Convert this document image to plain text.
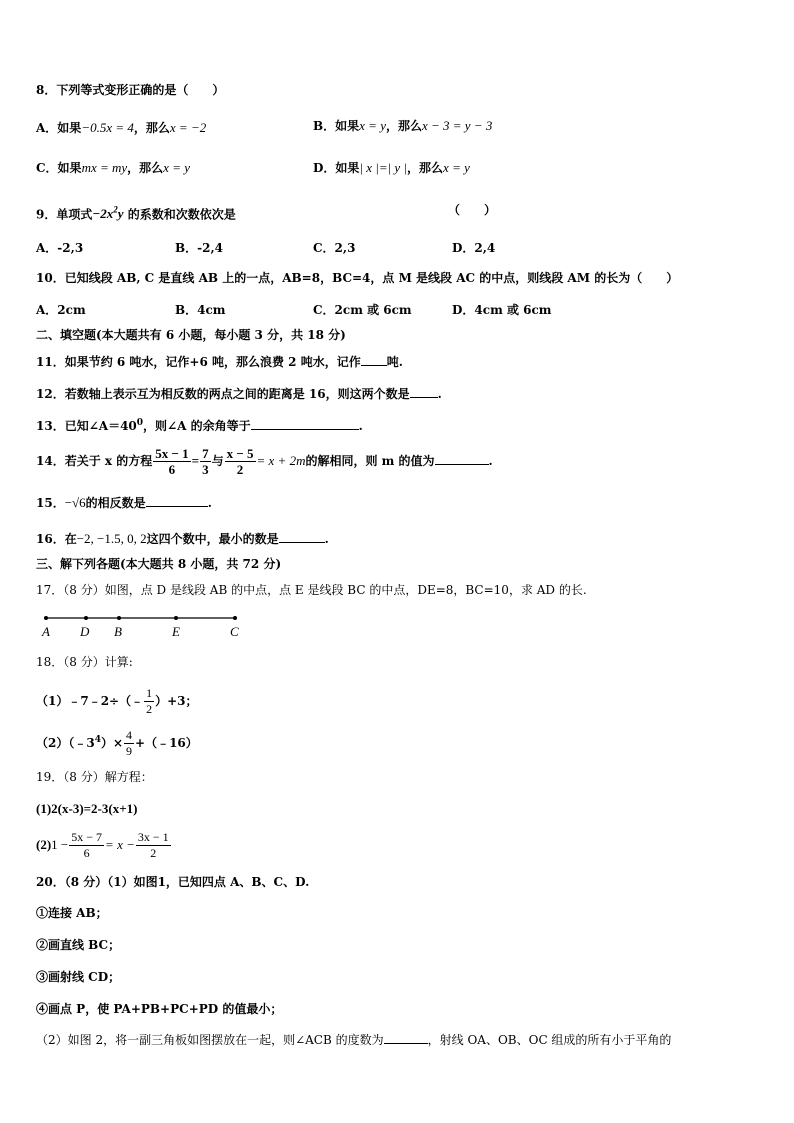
8．下列等式变形正确的是（　　）
A．如果−0.5x = 4，那么x = −2	B．如果x = y，那么x − 3 = y − 3
C．如果mx = my，那么x = y	D．如果| x |=| y |，那么x = y
9．单项式$-2x^2y$ 的系数和次数依次是	（　　）
A．-2,3	B．-2,4	C．2,3	D．2,4
10．已知线段 AB, C 是直线 AB 上的一点，AB=8，BC=4，点 M 是线段 AC 的中点，则线段 AM 的长为（　　）
A．2cm	B．4cm	C．2cm 或 6cm	D．4cm 或 6cm
二、填空题(本大题共有 6 小题，每小题 3 分，共 18 分)
11．如果节约 6 吨水，记作+6 吨，那么浪费 2 吨水，记作 吨.
12．若数轴上表示互为相反数的两点之间的距离是 16，则这两个数是 .
13．已知$\angle A=40^0$，则∠A 的余角等于	.
14．若关于 x 的方程 $\frac{5x - 1}{6} = \frac{7}{3}$ 与 $\frac{x - 5}{2} = x + 2m$的解相同，则 m 的值为	.
15．−√6的相反数是	.
16．在−2, −1.5, 0, 2这四个数中，最小的数是	.
三、解下列各题(本大题共 8 小题，共 72 分)
17．（8 分）如图，点 D 是线段 AB 的中点，点 E 是线段 BC 的中点，DE=8，BC=10，求 AD 的长.
A D B	E	C
18．（8 分）计算:
（1）﹣7﹣2÷（﹣ $\frac{1}{2} )+3$；
$(2)(﹣3^4)\times \frac{4}{9}$ +（﹣16）
19．（8 分）解方程：
(1)2(x-3)=2-3(x+1)
$(2)1 - \frac{5x - 7}{6} = x - \frac{3x - 1}{2}$
20．（8 分）（1）如图1，已知四点 A、B、C、D.
①连接 AB；
②画直线 BC；
③画射线 CD；
④画点 P，使 PA+PB+PC+PD 的值最小；
（2）如图 2，将一副三角板如图摆放在一起，则∠ACB 的度数为	，射线 OA、OB、OC 组成的所有小于平角的
